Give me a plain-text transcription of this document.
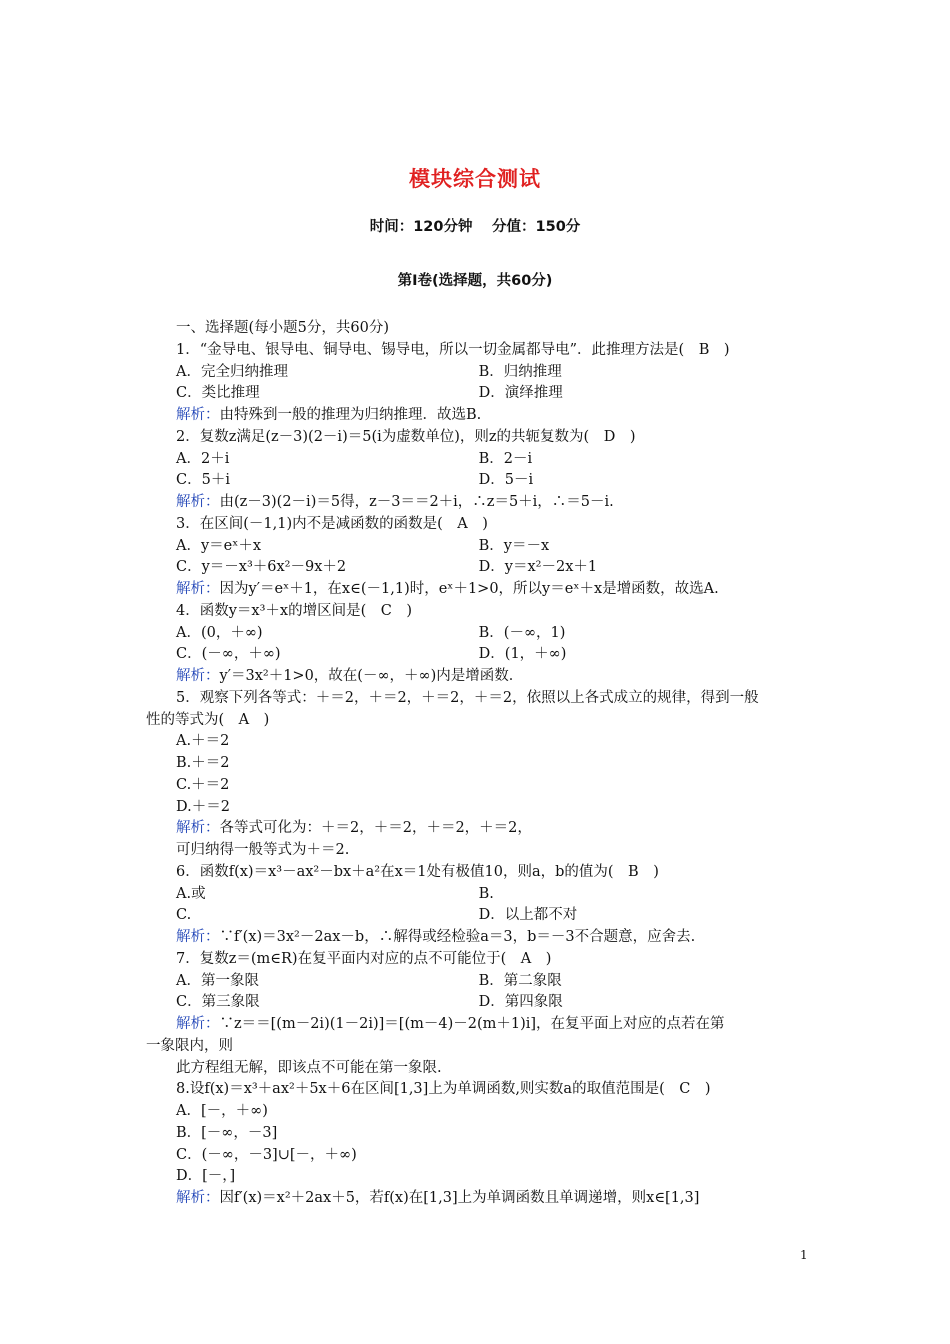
模块综合测试
时间：120分钟　 分值：150分
第Ⅰ卷(选择题，共60分)
一、选择题(每小题5分，共60分)
1．“金导电、银导电、铜导电、锡导电，所以一切金属都导电”．此推理方法是(　B　)
A．完全归纳推理	B．归纳推理
C．类比推理	D．演绎推理
解析：由特殊到一般的推理为归纳推理．故选B.
2．复数z满足(z－3)(2－i)＝5(i为虚数单位)，则z的共轭复数为(　D　)
A．2＋i	B．2－i
C．5＋i	D．5－i
解析：由(z－3)(2－i)＝5得，z－3＝＝2＋i，∴z＝5＋i，∴＝5－i.
3．在区间(－1,1)内不是减函数的函数是(　A　)
A．y＝eˣ＋x	B．y＝－x
C．y＝－x³＋6x²－9x＋2	D．y＝x²－2x＋1
解析：因为y′＝eˣ＋1，在x∈(－1,1)时，eˣ＋1>0，所以y＝eˣ＋x是增函数，故选A.
4．函数y＝x³＋x的增区间是(　C　)
A．(0，＋∞)	B．(－∞，1)
C．(－∞，＋∞)	D．(1，＋∞)
解析：y′＝3x²＋1>0，故在(－∞，＋∞)内是增函数．
5．观察下列各等式：＋＝2，＋＝2，＋＝2，＋＝2，依照以上各式成立的规律，得到一般
性的等式为(　A　)
A.＋＝2
B.＋＝2
C.＋＝2
D.＋＝2
解析：各等式可化为：＋＝2，＋＝2，＋＝2，＋＝2，
可归纳得一般等式为＋＝2.
6．函数f(x)＝x³－ax²－bx＋a²在x＝1处有极值10，则a，b的值为(　B　)
A.或	B.
C.	D．以上都不对
解析：∵f′(x)＝3x²－2ax－b，∴解得或经检验a＝3，b＝－3不合题意，应舍去.
7．复数z＝(m∈R)在复平面内对应的点不可能位于(　A　)
A．第一象限	B．第二象限
C．第三象限	D．第四象限
解析：∵z＝＝[(m－2i)(1－2i)]＝[(m－4)－2(m＋1)i]，在复平面上对应的点若在第
一象限内，则
此方程组无解，即该点不可能在第一象限.
8.设f(x)＝x³＋ax²＋5x＋6在区间[1,3]上为单调函数,则实数a的取值范围是(　C　)
A．[－，＋∞)
B．[－∞，－3]
C．(－∞，－3]∪[－，＋∞)
D．[－，]
解析：因f′(x)＝x²＋2ax＋5，若f(x)在[1,3]上为单调函数且单调递增，则x∈[1,3]
1
